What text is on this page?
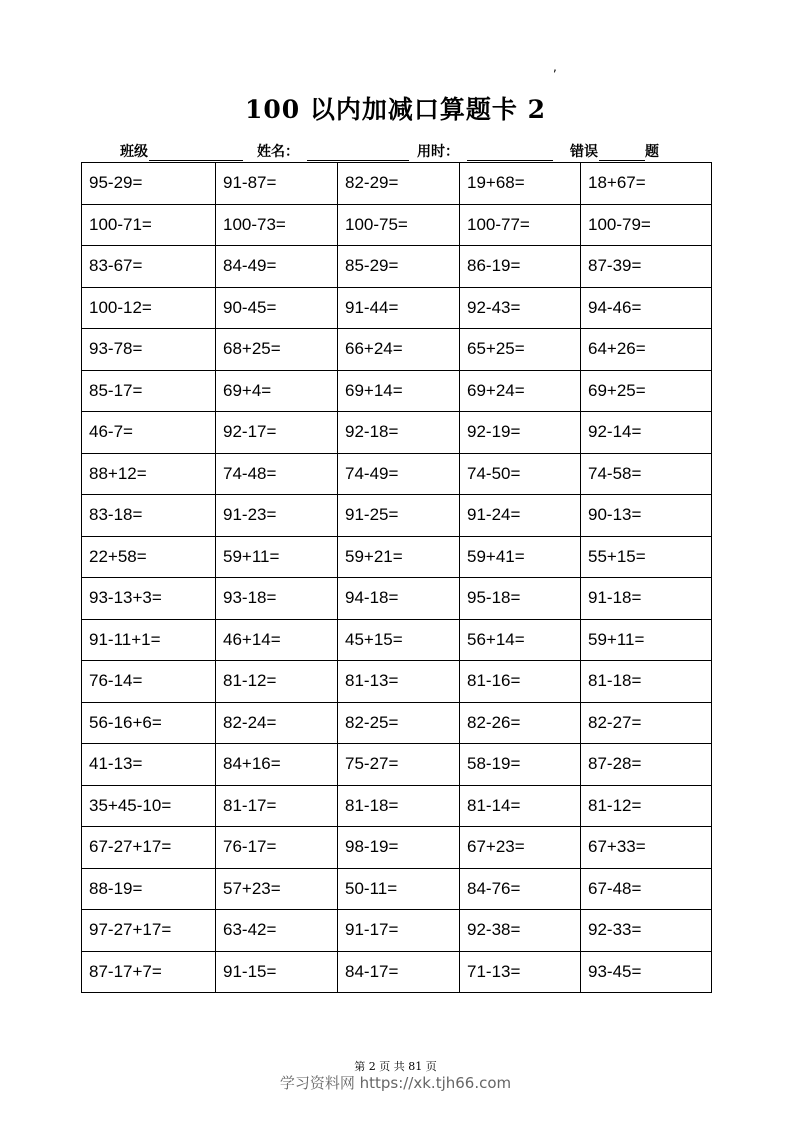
,
100 以内加减口算题卡 2
班级	姓名：	用时：	错误	题
95-29=	91-87=	82-29=	19+68=	18+67=
100-71=	100-73=	100-75=	100-77=	100-79=
83-67=	84-49=	85-29=	86-19=	87-39=
100-12=	90-45=	91-44=	92-43=	94-46=
93-78=	68+25=	66+24=	65+25=	64+26=
85-17=	69+4=	69+14=	69+24=	69+25=
46-7=	92-17=	92-18=	92-19=	92-14=
88+12=	74-48=	74-49=	74-50=	74-58=
83-18=	91-23=	91-25=	91-24=	90-13=
22+58=	59+11=	59+21=	59+41=	55+15=
93-13+3=	93-18=	94-18=	95-18=	91-18=
91-11+1=	46+14=	45+15=	56+14=	59+11=
76-14=	81-12=	81-13=	81-16=	81-18=
56-16+6=	82-24=	82-25=	82-26=	82-27=
41-13=	84+16=	75-27=	58-19=	87-28=
35+45-10=	81-17=	81-18=	81-14=	81-12=
67-27+17=	76-17=	98-19=	67+23=	67+33=
88-19=	57+23=	50-11=	84-76=	67-48=
97-27+17=	63-42=	91-17=	92-38=	92-33=
87-17+7=	91-15=	84-17=	71-13=	93-45=
第 2 页 共 81 页
学习资料网 https://xk.tjh66.com
